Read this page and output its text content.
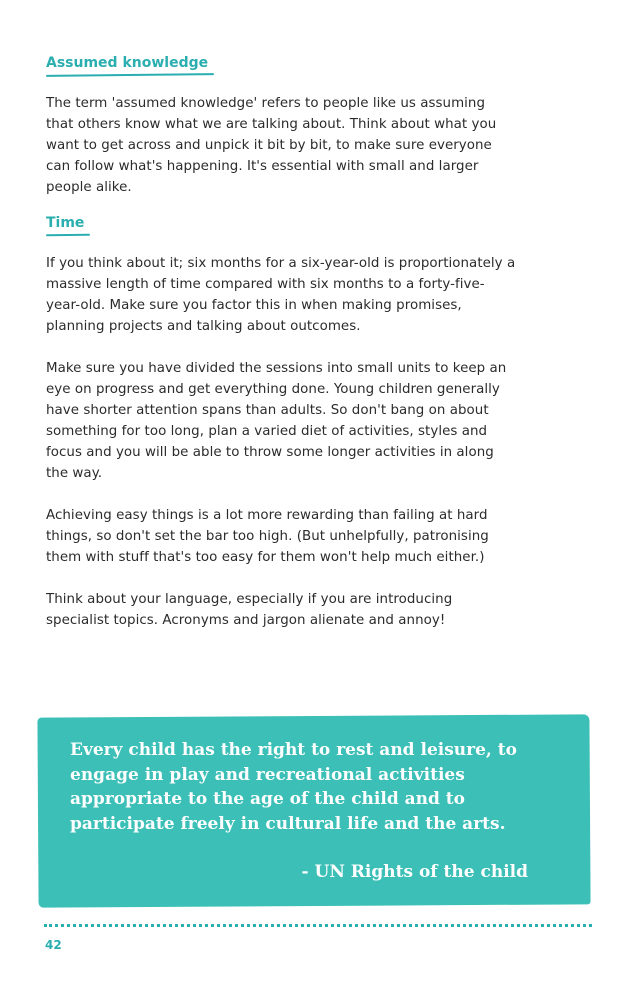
Assumed knowledge

The term 'assumed knowledge' refers to people like us assuming that others know what we are talking about. Think about what you want to get across and unpick it bit by bit, to make sure everyone can follow what's happening. It's essential with small and larger people alike.

Time

If you think about it; six months for a six-year-old is proportionately a massive length of time compared with six months to a forty-five-year-old. Make sure you factor this in when making promises, planning projects and talking about outcomes.

Make sure you have divided the sessions into small units to keep an eye on progress and get everything done. Young children generally have shorter attention spans than adults. So don't bang on about something for too long, plan a varied diet of activities, styles and focus and you will be able to throw some longer activities in along the way.

Achieving easy things is a lot more rewarding than failing at hard things, so don't set the bar too high. (But unhelpfully, patronising them with stuff that's too easy for them won't help much either.)

Think about your language, especially if you are introducing specialist topics. Acronyms and jargon alienate and annoy!

Every child has the right to rest and leisure, to engage in play and recreational activities appropriate to the age of the child and to participate freely in cultural life and the arts.

- UN Rights of the child

42
